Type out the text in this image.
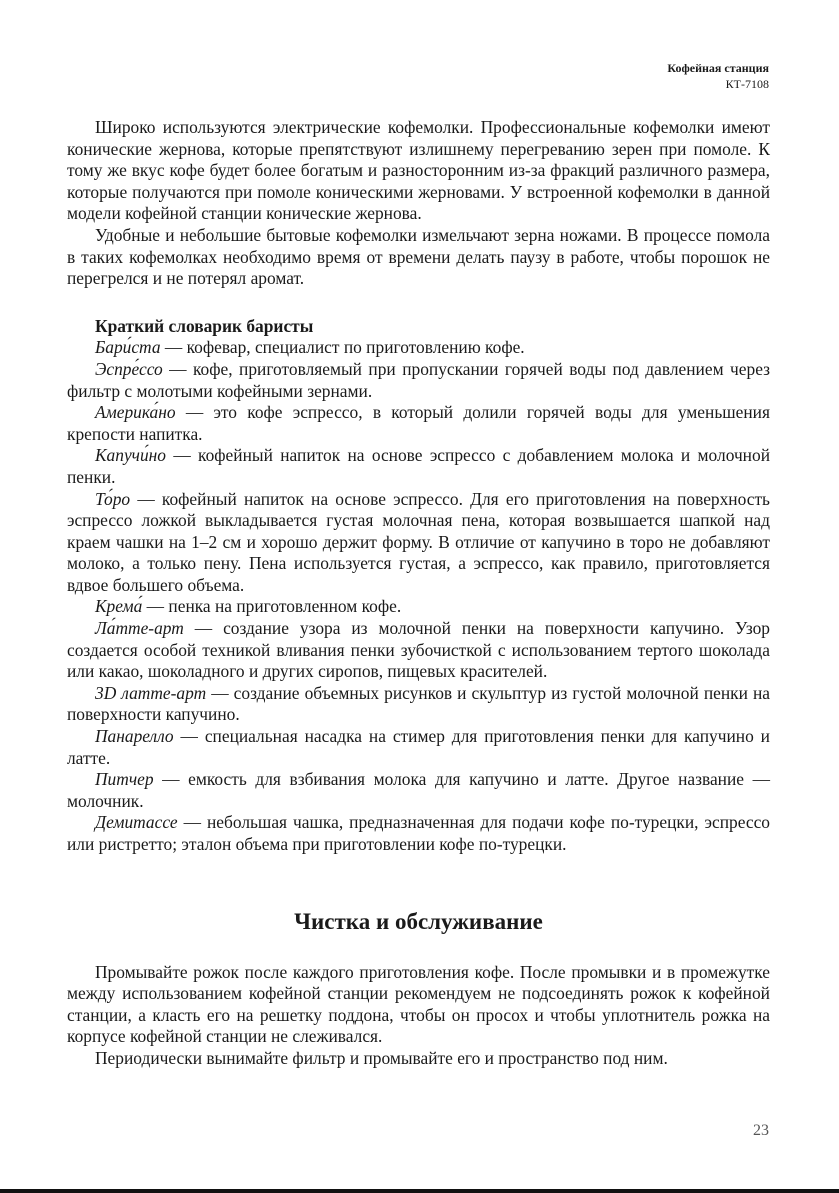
Кофейная станция
КТ-7108

Широко используются электрические кофемолки. Профессиональные кофемолки имеют конические жернова, которые препятствуют излишнему перегреванию зерен при помоле. К тому же вкус кофе будет более богатым и разносторонним из-за фракций различного размера, которые получаются при помоле коническими жерновами. У встроенной кофемолки в данной модели кофейной станции конические жернова.

Удобные и небольшие бытовые кофемолки измельчают зерна ножами. В процессе помола в таких кофемолках необходимо время от времени делать паузу в работе, чтобы порошок не перегрелся и не потерял аромат.

Краткий словарик баристы

Бари́ста — кофевар, специалист по приготовлению кофе.

Эспре́ссо — кофе, приготовляемый при пропускании горячей воды под давлением через фильтр с молотыми кофейными зернами.

Америка́но — это кофе эспрессо, в который долили горячей воды для уменьшения крепости напитка.

Капучи́но — кофейный напиток на основе эспрессо с добавлением молока и молочной пенки.

То́ро — кофейный напиток на основе эспрессо. Для его приготовления на поверхность эспрессо ложкой выкладывается густая молочная пена, которая возвышается шапкой над краем чашки на 1–2 см и хорошо держит форму. В отличие от капучино в торо не добавляют молоко, а только пену. Пена используется густая, а эспрессо, как правило, приготовляется вдвое большего объема.

Крема́ — пенка на приготовленном кофе.

Ла́тте-арт — создание узора из молочной пенки на поверхности капучино. Узор создается особой техникой вливания пенки зубочисткой с использованием тертого шоколада или какао, шоколадного и других сиропов, пищевых красителей.

3D латте-арт — создание объемных рисунков и скульптур из густой молочной пенки на поверхности капучино.

Панарелло — специальная насадка на стимер для приготовления пенки для капучино и латте.

Питчер — емкость для взбивания молока для капучино и латте. Другое название — молочник.

Демитассе — небольшая чашка, предназначенная для подачи кофе по-турецки, эспрессо или ристретто; эталон объема при приготовлении кофе по-турецки.

Чистка и обслуживание

Промывайте рожок после каждого приготовления кофе. После промывки и в промежутке между использованием кофейной станции рекомендуем не подсоединять рожок к кофейной станции, а класть его на решетку поддона, чтобы он просох и чтобы уплотнитель рожка на корпусе кофейной станции не слеживался.

Периодически вынимайте фильтр и промывайте его и пространство под ним.

23
